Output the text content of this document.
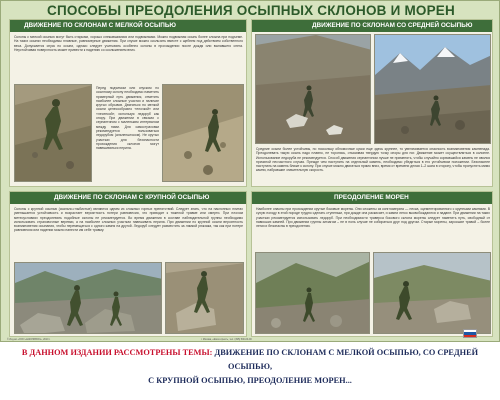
СПОСОБЫ ПРЕОДОЛЕНИЯ ОСЫПНЫХ СКЛОНОВ И МОРЕН
ДВИЖЕНИЕ ПО СКЛОНАМ С МЕЛКОЙ ОСЫПЬЮ
Склоны с мелкой осыпью могут быть старыми, хорошо слежавшимися или подвижными. Можно подвижная осыпь более сложна при подъеме. На таких осыпях необходимы плавные, равномерные движения. При спуске можно скользить вместе с щебнем под действием собственного веса. Допускается спуск по осыпи, однако следует учитывать особенно склоны в прохождении после дождя или выпавшего снега. Неустойчивая поверхность может привести к падению со скольжением вниз.
Перед подъемом или спуском по осыпному склону необходимо наметить примерный путь движения, отметить наиболее сложные участки и наличие крутых обрывов. Двигаться по мелкой осыпи целесообразно «елочкой» или «лесенкой», используя ледоруб как опору. При движении в связках с серпантином с маленьким интервалом между ними. Для самостраховки рекомендуется пользоваться ледорубом (альпенштоком). Не крутых участках для безопасности прохождения склонов могут навешиваться перила.
ДВИЖЕНИЕ ПО СКЛОНАМ СО СРЕДНЕЙ ОСЫПЬЮ
Средние осыпи более устойчивы, по поскольку обломочные куски еще здесь крупнее, то увеличивается опасность возникновения камнепада. Преодолевать такую осыпь надо плавно, не торопясь, отыскивая твердую точку опоры для ног. Движение может осуществляться в колонне. Использование ледоруба не рекомендуется. Способ движения серпантином лучше не применять, чтобы случайно сорвавшийся камень не явился причиной несчастного случая. Прежде чем наступить на отдельный камень, необходимо убедиться в его устойчивом положении. Безопаснее наступать на камень ближе к склону. При спуске можно двигаться прямо вниз, время от времени делая 1–2 шага в сторону, чтобы пропустить мимо камни, набравшие значительную скорость.
ДВИЖЕНИЕ ПО СКЛОНАМ С КРУПНОЙ ОСЫПЬЮ
Склоны с крупной осыпью (скально-глыбистые) являются одним из сложных горных препятствий. Следует знать, что на наклонных плитах уменьшается устойчивость и возрастает вероятность потери равновесия, что приводит к тяжелой травме или смерти. При плохом метеоусловиях преодолевать подобные склоны не рекомендуется. Во время движения в составе наблюдательной группы необходимо использовать страховочные веревки, а на наиболее сложных участках навешивать перила. При движении по крупной осыпи вероятность возникновения осыпания, чтобы перемещаться с одного камня на другой. Ледоруб следует разместить за лямкой рюкзака, так как при потере равновесия или падении можно нанести им себе травму.
ПРЕОДОЛЕНИЕ МОРЕН
Наиболее опасны при прохождении крутые боковые морены. Они сложены из конгломерата — песка, сцементированного с крупными камнями. В сухую погоду в этой породе трудно сделать ступеньки, при дожде она раскисает, и камни легко высвобождаются и падают. При движении на таких участках рекомендуется использовать ледоруб. При необходимости траверса бокового склона морены следует наметить путь, свободный от нависших камней. При движении группы зигзагом – не в ноль случае не собираться друг под другом. Старые морены, заросшие травой – более легки и безопасны в преодолении.
© Изд-во «ООО «ШКОЛИВОО», 2010 г.	г. Москва, «Школ-пресс», тел. (495) 500-00-00
В ДАННОМ ИЗДАНИИ РАССМОТРЕНЫ ТЕМЫ: ДВИЖЕНИЕ ПО СКЛОНАМ С МЕЛКОЙ ОСЫПЬЮ, СО СРЕДНЕЙ ОСЫПЬЮ,
С КРУПНОЙ ОСЫПЬЮ, ПРЕОДОЛЕНИЕ МОРЕН...
